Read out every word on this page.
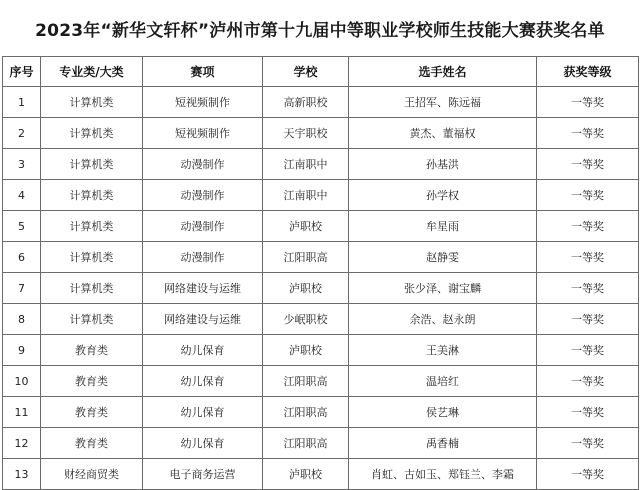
2023年“新华文轩杯”泸州市第十九届中等职业学校师生技能大赛获奖名单
序号	专业类/大类	赛项	学校	选手姓名	获奖等级
1	计算机类	短视频制作	高新职校	王招军、陈远福	一等奖
2	计算机类	短视频制作	天宇职校	黄杰、董福权	一等奖
3	计算机类	动漫制作	江南职中	孙基洪	一等奖
4	计算机类	动漫制作	江南职中	孙学权	一等奖
5	计算机类	动漫制作	泸职校	牟星雨	一等奖
6	计算机类	动漫制作	江阳职高	赵静雯	一等奖
7	计算机类	网络建设与运维	泸职校	张少泽、谢宝麟	一等奖
8	计算机类	网络建设与运维	少岷职校	余浩、赵永朗	一等奖
9	教育类	幼儿保育	泸职校	王美淋	一等奖
10	教育类	幼儿保育	江阳职高	温培红	一等奖
11	教育类	幼儿保育	江阳职高	侯艺琳	一等奖
12	教育类	幼儿保育	江阳职高	禹香楠	一等奖
13	财经商贸类	电子商务运营	泸职校	肖虹、古如玉、郑钰兰、李霜	一等奖
